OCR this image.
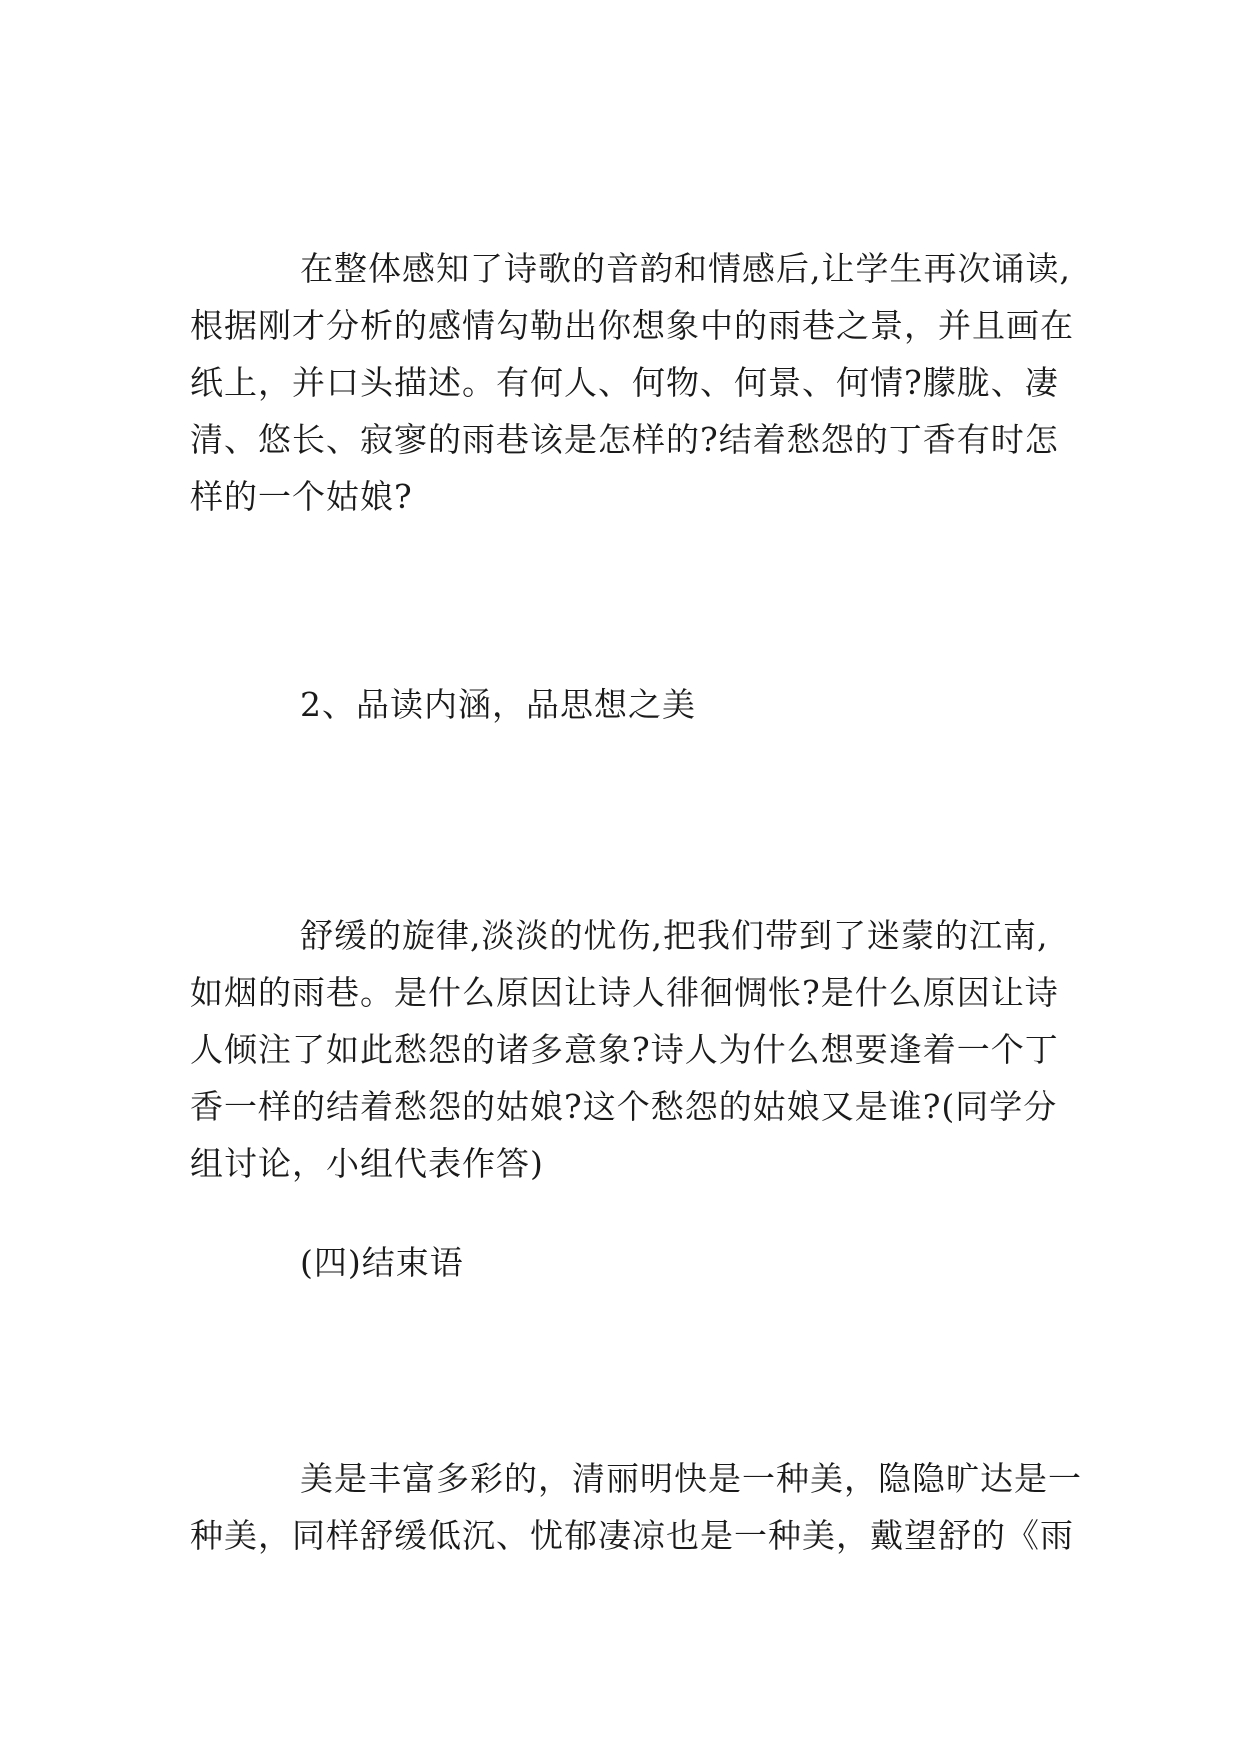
在整体感知了诗歌的音韵和情感后,让学生再次诵读,
根据刚才分析的感情勾勒出你想象中的雨巷之景，并且画在
纸上，并口头描述。有何人、何物、何景、何情?朦胧、凄
清、悠长、寂寥的雨巷该是怎样的?结着愁怨的丁香有时怎
样的一个姑娘?
2、品读内涵，品思想之美
舒缓的旋律,淡淡的忧伤,把我们带到了迷蒙的江南,
如烟的雨巷。是什么原因让诗人徘徊惆怅?是什么原因让诗
人倾注了如此愁怨的诸多意象?诗人为什么想要逢着一个丁
香一样的结着愁怨的姑娘?这个愁怨的姑娘又是谁?(同学分
组讨论，小组代表作答)
(四)结束语
美是丰富多彩的，清丽明快是一种美，隐隐旷达是一
种美，同样舒缓低沉、忧郁凄凉也是一种美，戴望舒的《雨
